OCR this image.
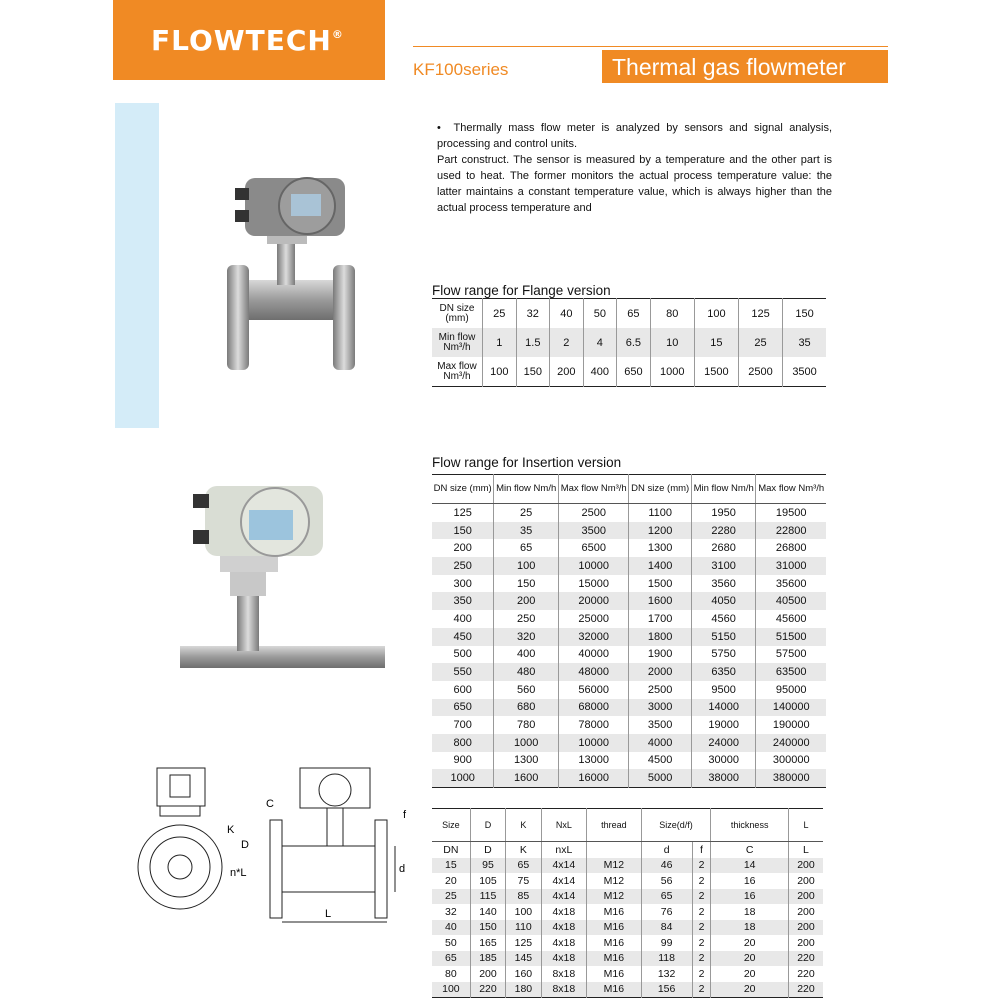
FLOWTECH®
KF100series	Thermal gas flowmeter

• Thermally mass flow meter is analyzed by sensors and signal analysis, processing and control units.

Part construct. The sensor is measured by a temperature and the other part is used to heat. The former monitors the actual process temperature value: the latter maintains a constant temperature value, which is always higher than the actual process temperature and

Flow range for Flange version
DN size (mm)	25	32	40	50	65	80	100	125	150
Min flow Nm³/h	1	1.5	2	4	6.5	10	15	25	35
Max flow Nm³/h	100	150	200	400	650	1000	1500	2500	3500
Flow range for Insertion version
DN size (mm)	Min flow Nm/h	Max flow Nm³/h	DN size (mm)	Min flow Nm/h	Max flow Nm³/h
125	25	2500	1100	1950	19500
150	35	3500	1200	2280	22800
200	65	6500	1300	2680	26800
250	100	10000	1400	3100	31000
300	150	15000	1500	3560	35600
350	200	20000	1600	4050	40500
400	250	25000	1700	4560	45600
450	320	32000	1800	5150	51500
500	400	40000	1900	5750	57500
550	480	48000	2000	6350	63500
600	560	56000	2500	9500	95000
650	680	68000	3000	14000	140000
700	780	78000	3500	19000	190000
800	1000	10000	4000	24000	240000
900	1300	13000	4500	30000	300000
1000	1600	16000	5000	38000	380000
K
D
n*L
C
f
d
L
Size	D	K	NxL	thread	Size(d/f)		thickness	L
DN	D	K	nxL		d	f	C	L
15	95	65	4x14	M12	46	2	14	200
20	105	75	4x14	M12	56	2	16	200
25	115	85	4x14	M12	65	2	16	200
32	140	100	4x18	M16	76	2	18	200
40	150	110	4x18	M16	84	2	18	200
50	165	125	4x18	M16	99	2	20	200
65	185	145	4x18	M16	118	2	20	220
80	200	160	8x18	M16	132	2	20	220
100	220	180	8x18	M16	156	2	20	220
